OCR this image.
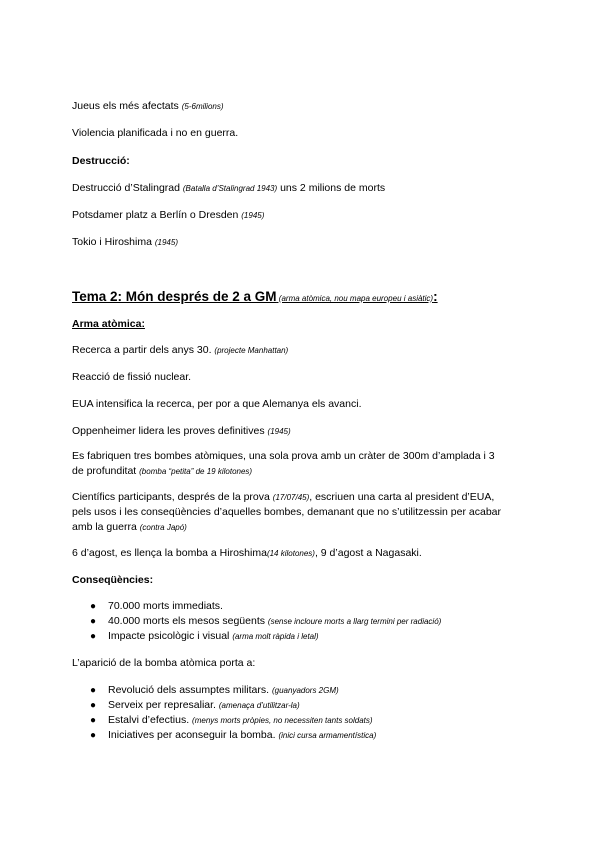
Jueus els més afectats (5-6milions)
Violencia planificada i no en guerra.
Destrucció:
Destrucció d’Stalingrad (Batalla d’Stalingrad 1943) uns 2 milions de morts
Potsdamer platz a Berlín o Dresden (1945)
Tokio i Hiroshima (1945)
Tema 2: Món després de 2 a GM (arma atòmica, nou mapa europeu i asiàtic):
Arma atòmica:
Recerca a partir dels anys 30. (projecte Manhattan)
Reacció de fissió nuclear.
EUA intensifica la recerca, per por a que Alemanya els avanci.
Oppenheimer lidera les proves definitives (1945)
Es fabriquen tres bombes atòmiques, una sola prova amb un cràter de 300m d’amplada i 3
de profunditat (bomba “petita” de 19 kilotones)
Científics participants, després de la prova (17/07/45), escriuen una carta al president d’EUA,
pels usos i les conseqüències d’aquelles bombes, demanant que no s’utilitzessin per acabar
amb la guerra (contra Japó)
6 d’agost, es llença la bomba a Hiroshima(14 kilotones), 9 d’agost a Nagasaki.
Conseqüències:
● 70.000 morts immediats.
● 40.000 morts els mesos següents (sense incloure morts a llarg termini per radiació)
● Impacte psicològic i visual (arma molt ràpida i letal)
L’aparició de la bomba atòmica porta a:
● Revolució dels assumptes militars. (guanyadors 2GM)
● Serveix per represaliar. (amenaça d’utilitzar-la)
● Estalvi d’efectius. (menys morts pròpies, no necessiten tants soldats)
● Iniciatives per aconseguir la bomba. (inici cursa armamentística)
